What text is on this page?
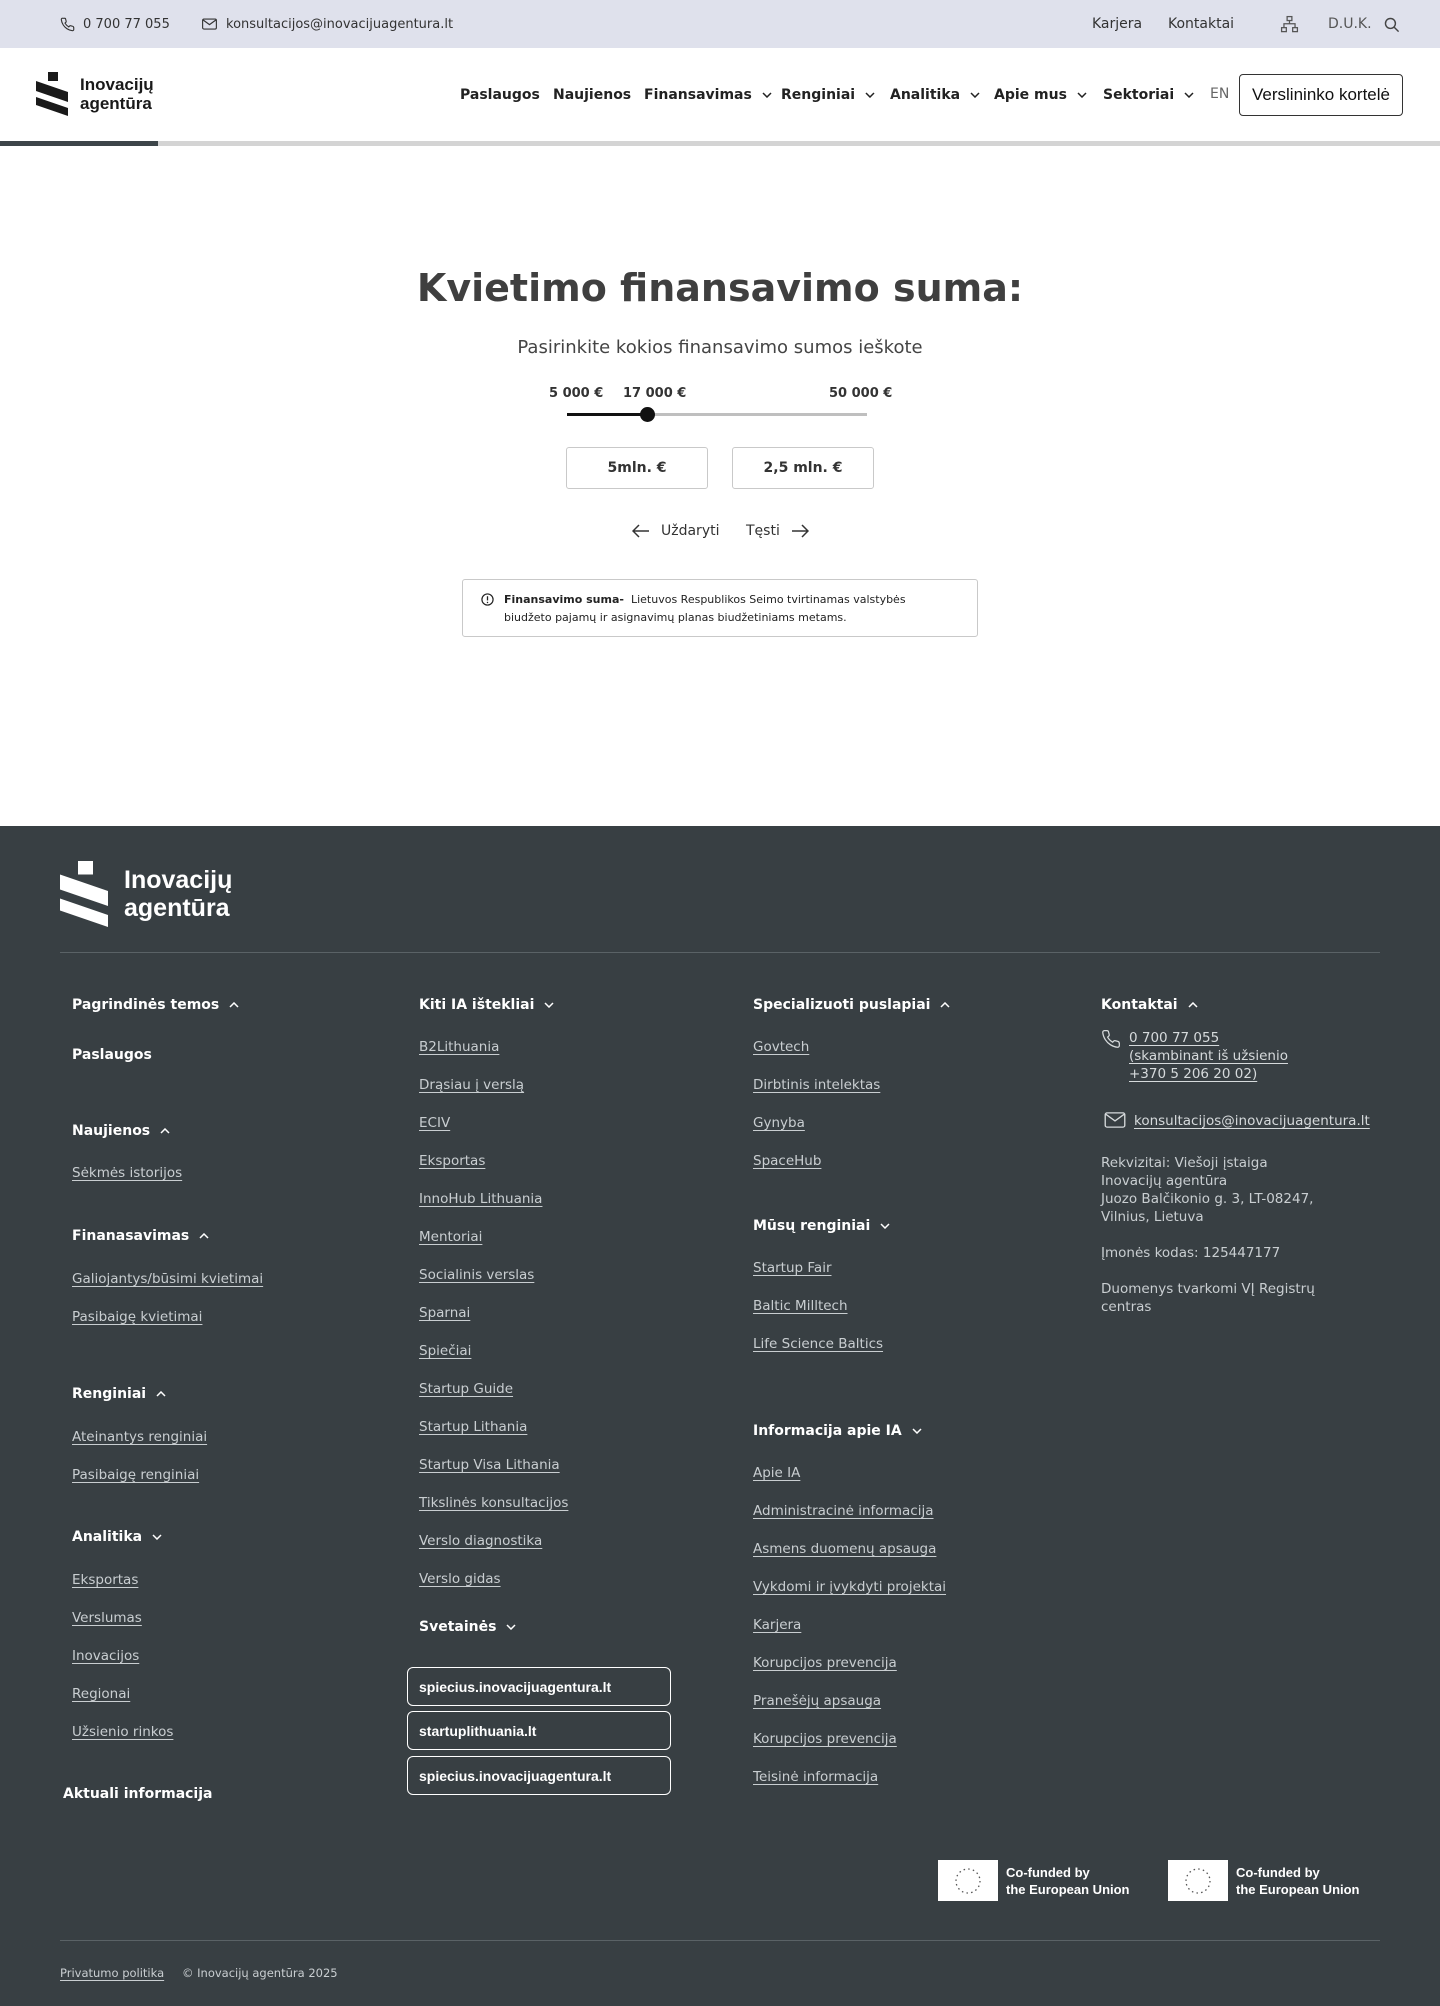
0 700 77 055	konsultacijos@inovacijuagentura.lt	Karjera Kontaktai	D.U.K.
Inovacijų
agentūra	Paslaugos Naujienos Finansavimas Renginiai Analitika Apie mus	Sektoriai	EN	Verslininko kortelė
Kvietimo finansavimo suma:

Pasirinkite kokios finansavimo sumos ieškote

5 000 € 17 000 €	50 000 €
5mln. €	2,5 mln. €
Uždaryti Tęsti

Finansavimo suma- Lietuvos Respublikos Seimo tvirtinamas valstybės biudžeto pajamų ir asignavimų planas biudžetiniams metams.

Inovacijų
agentūra
Pagrindinės temos
Paslaugos
Naujienos
Sėkmės istorijos
Finanasavimas
Galiojantys/būsimi kvietimai
Pasibaigę kvietimai
Renginiai
Ateinantys renginiai
Pasibaigę renginiai
Analitika
Eksportas
Verslumas
Inovacijos
Regionai
Užsienio rinkos
Aktuali informacija
Kiti IA ištekliai
B2Lithuania
Drąsiau į verslą
ECIV
Eksportas
InnoHub Lithuania
Mentoriai
Socialinis verslas
Sparnai
Spiečiai
Startup Guide
Startup Lithania
Startup Visa Lithania
Tikslinės konsultacijos
Verslo diagnostika
Verslo gidas
Svetainės
spiecius.inovacijuagentura.lt
startuplithuania.lt
spiecius.inovacijuagentura.lt
Specializuoti puslapiai
Govtech
Dirbtinis intelektas
Gynyba
SpaceHub
Mūsų renginiai
Startup Fair
Baltic Milltech
Life Science Baltics
Informacija apie IA
Apie IA
Administracinė informacija
Asmens duomenų apsauga
Vykdomi ir įvykdyti projektai
Karjera
Korupcijos prevencija
Pranešėjų apsauga
Korupcijos prevencija
Teisinė informacija
Kontaktai
0 700 77 055
(skambinant iš užsienio
+370 5 206 20 02)
konsultacijos@inovacijuagentura.lt
Rekvizitai: Viešoji įstaiga Inovacijų agentūra
Juozo Balčikonio g. 3, LT-08247, Vilnius, Lietuva
Įmonės kodas: 125447177
Duomenys tvarkomi VĮ Registrų centras
Co-funded by
the European Union
Co-funded by
the European Union
Privatumo politika © Inovacijų agentūra 2025
